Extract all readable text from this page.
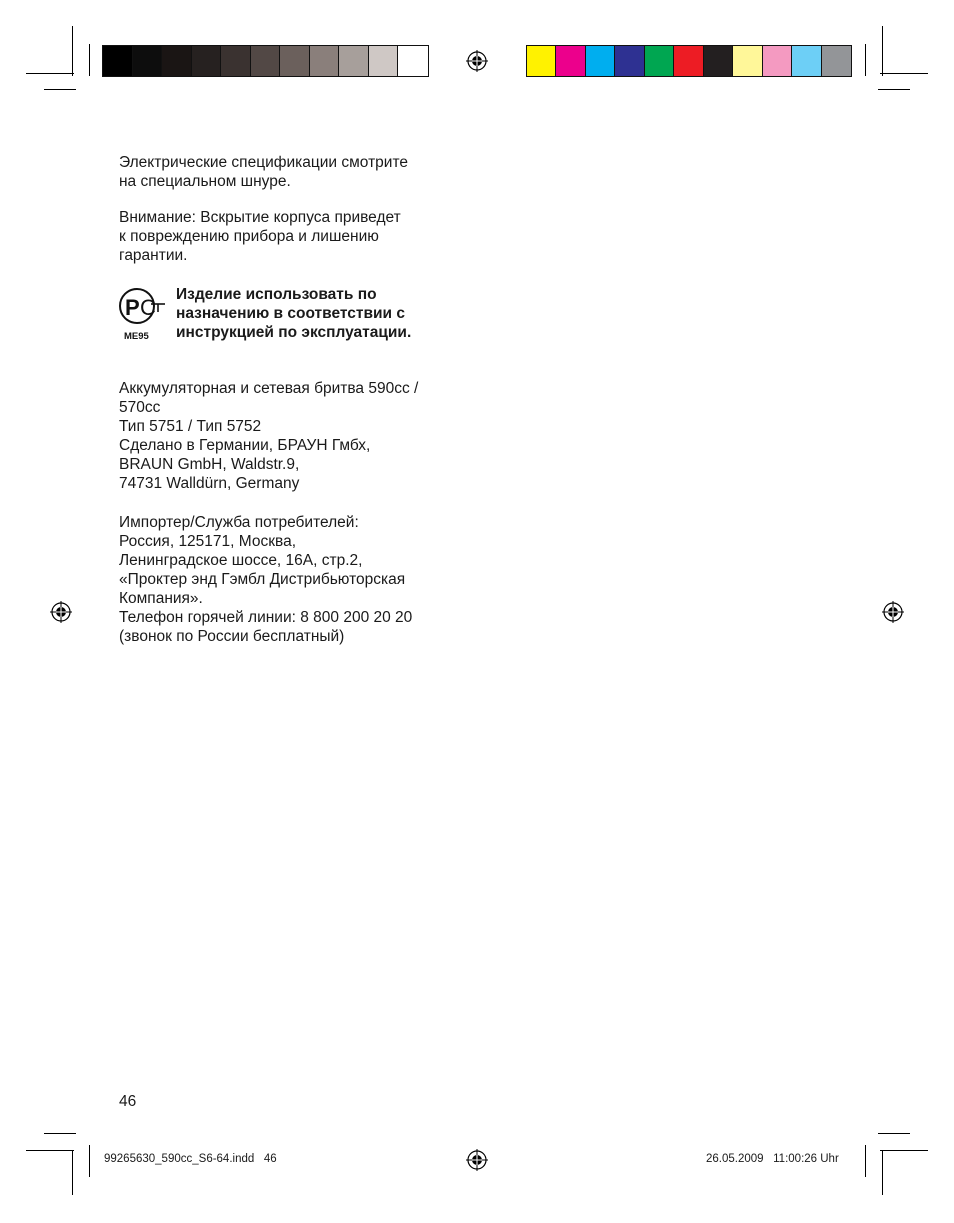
Электрические спецификации смотрите

на специальном шнуре.

Внимание: Вскрытие корпуса приведет

к повреждению прибора и лишению

гарантии.

P C
ME95

Изделие использовать по

назначению в соответствии с

инструкцией по эксплуатации.

Аккумуляторная и сетевая бритва 590cc /

570cc

Тип 5751 / Тип 5752

Сделано в Германии, БРАУН Гмбх,

BRAUN GmbH, Waldstr.9,

74731 Walldürn, Germany

Импортер/Служба потребителей:

Россия, 125171, Москва,

Ленинградское шоссе, 16А, стр.2,

«Проктер энд Гэмбл Дистрибьюторская

Компания».

Телефон горячей линии: 8 800 200 20 20

(звонок по России бесплатный)

46
99265630_590cc_S6-64.indd   46	26.05.2009   11:00:26 Uhr
